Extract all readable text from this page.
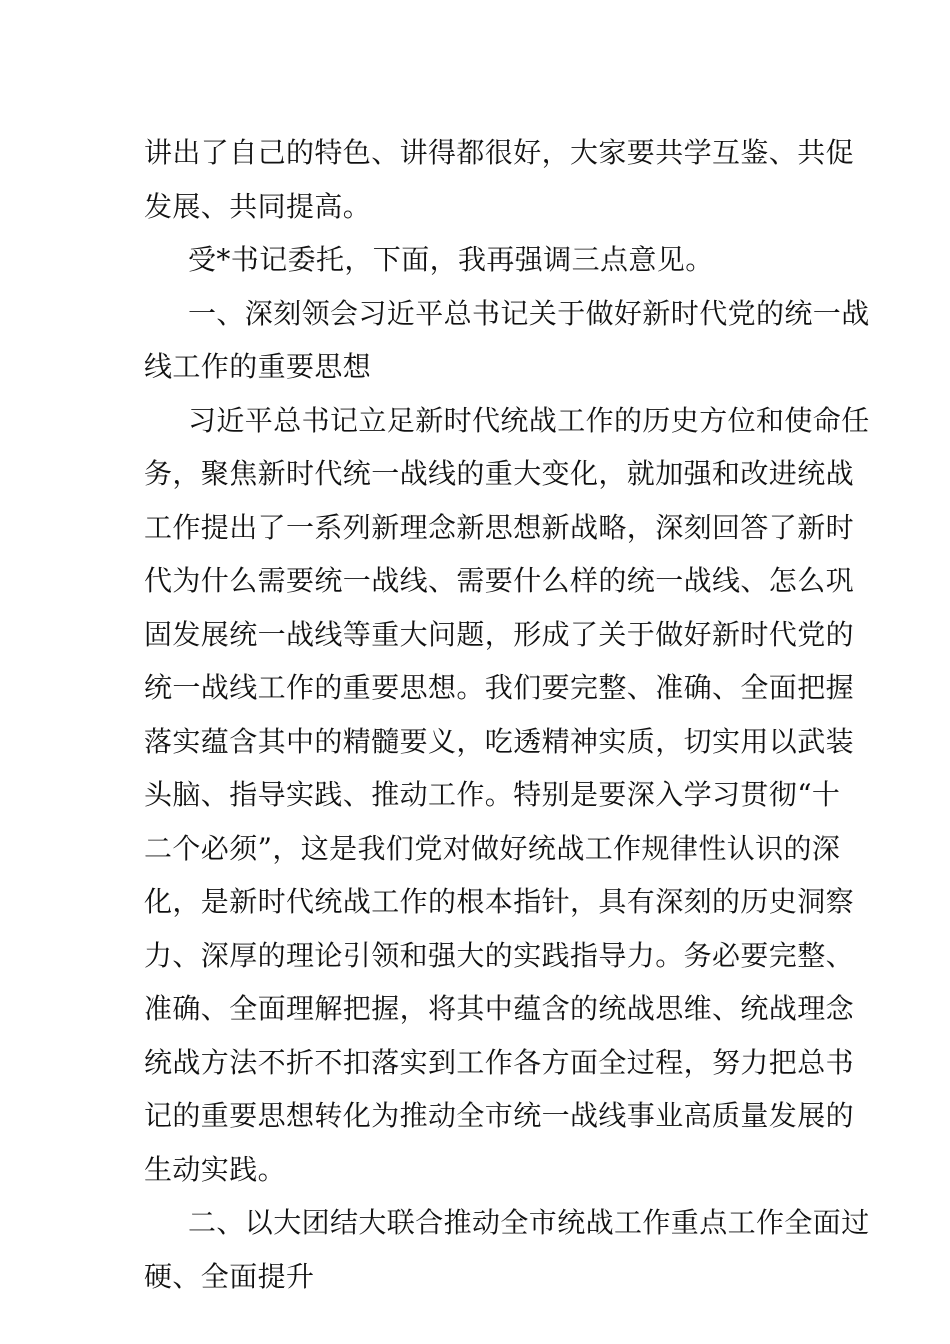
讲出了自己的特色、讲得都很好，大家要共学互鉴、共促
发展、共同提高。
受*书记委托，下面，我再强调三点意见。
一、深刻领会习近平总书记关于做好新时代党的统一战
线工作的重要思想
习近平总书记立足新时代统战工作的历史方位和使命任
务，聚焦新时代统一战线的重大变化，就加强和改进统战
工作提出了一系列新理念新思想新战略，深刻回答了新时
代为什么需要统一战线、需要什么样的统一战线、怎么巩
固发展统一战线等重大问题，形成了关于做好新时代党的
统一战线工作的重要思想。我们要完整、准确、全面把握
落实蕴含其中的精髓要义，吃透精神实质，切实用以武装
头脑、指导实践、推动工作。特别是要深入学习贯彻“十
二个必须”，这是我们党对做好统战工作规律性认识的深
化，是新时代统战工作的根本指针，具有深刻的历史洞察
力、深厚的理论引领和强大的实践指导力。务必要完整、
准确、全面理解把握，将其中蕴含的统战思维、统战理念
统战方法不折不扣落实到工作各方面全过程，努力把总书
记的重要思想转化为推动全市统一战线事业高质量发展的
生动实践。
二、以大团结大联合推动全市统战工作重点工作全面过
硬、全面提升
